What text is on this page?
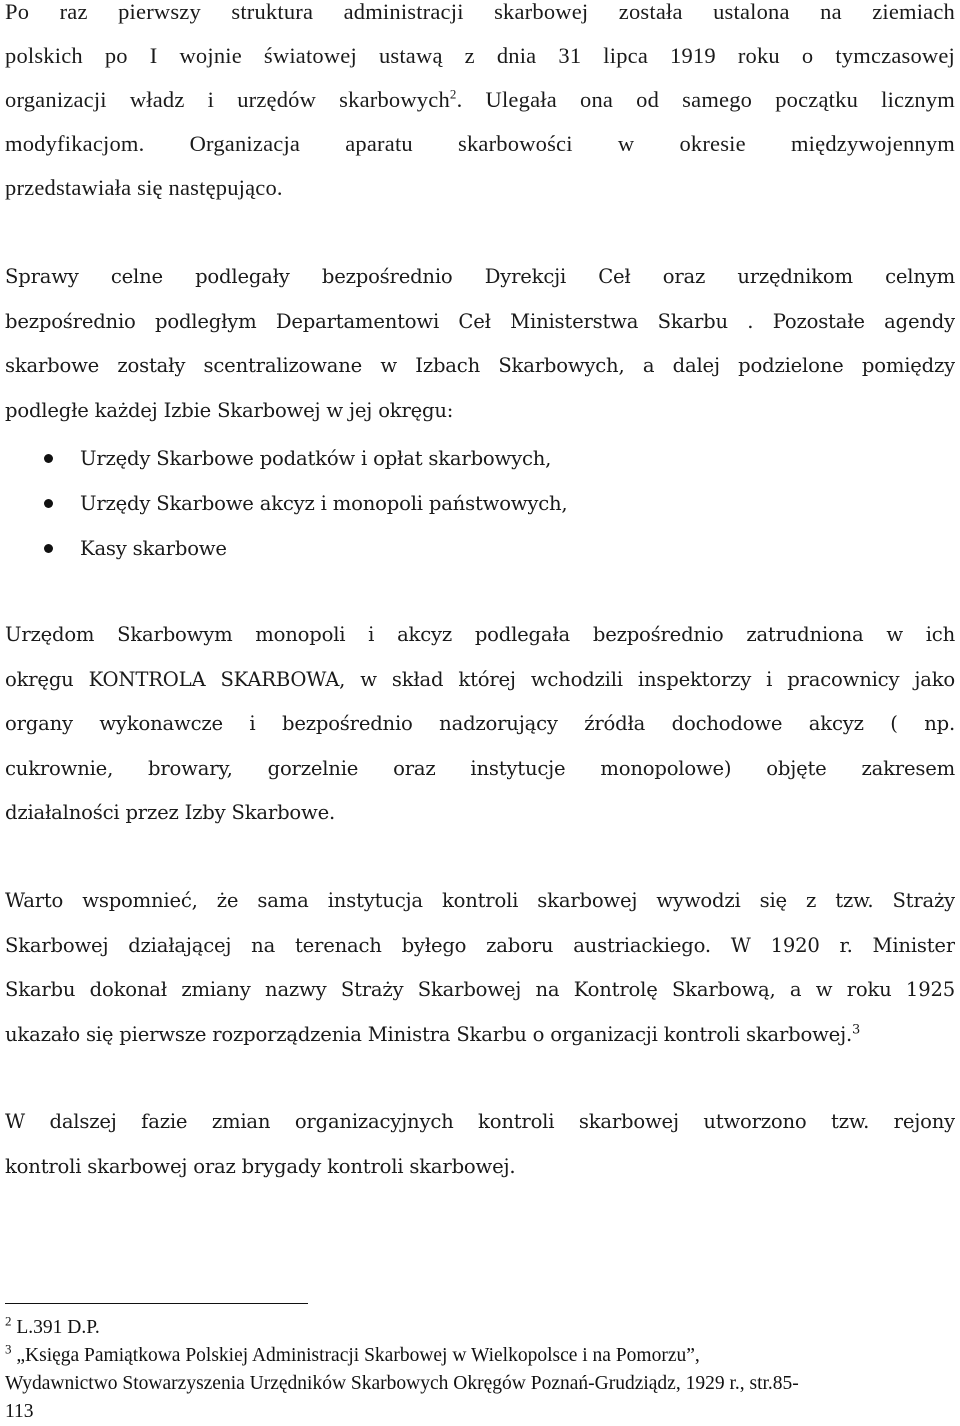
Po raz pierwszy struktura administracji skarbowej została ustalona na ziemiach
polskich po I wojnie światowej ustawą z dnia 31 lipca 1919 roku o tymczasowej
organizacji władz i urzędów skarbowych$^2$. Ulegała ona od samego początku licznym
modyfikacjom. Organizacja aparatu skarbowości w okresie międzywojennym
przedstawiała się następująco.
Sprawy celne podlegały bezpośrednio Dyrekcji Ceł oraz urzędnikom celnym
bezpośrednio podległym Departamentowi Ceł Ministerstwa Skarbu . Pozostałe agendy
skarbowe zostały scentralizowane w Izbach Skarbowych, a dalej podzielone pomiędzy
podległe każdej Izbie Skarbowej w jej okręgu:
Urzędy Skarbowe podatków i opłat skarbowych,
Urzędy Skarbowe akcyz i monopoli państwowych,
Kasy skarbowe
Urzędom Skarbowym monopoli i akcyz podlegała bezpośrednio zatrudniona w ich
okręgu KONTROLA SKARBOWA, w skład której wchodzili inspektorzy i pracownicy jako
organy wykonawcze i bezpośrednio nadzorujący źródła dochodowe akcyz ( np.
cukrownie, browary, gorzelnie oraz instytucje monopolowe) objęte zakresem
działalności przez Izby Skarbowe.
Warto wspomnieć, że sama instytucja kontroli skarbowej wywodzi się z tzw. Straży
Skarbowej działającej na terenach byłego zaboru austriackiego. W 1920 r. Minister
Skarbu dokonał zmiany nazwy Straży Skarbowej na Kontrolę Skarbową, a w roku 1925
ukazało się pierwsze rozporządzenia Ministra Skarbu o organizacji kontroli skarbowej.$^3$
W dalszej fazie zmian organizacyjnych kontroli skarbowej utworzono tzw. rejony
kontroli skarbowej oraz brygady kontroli skarbowej.

$^2$ L.391 D.P.

$^3$ „Księga Pamiątkowa Polskiej Administracji Skarbowej w Wielkopolsce i na Pomorzu”,
Wydawnictwo Stowarzyszenia Urzędników Skarbowych Okręgów Poznań-Grudziądz, 1929 r., str.85-
113
